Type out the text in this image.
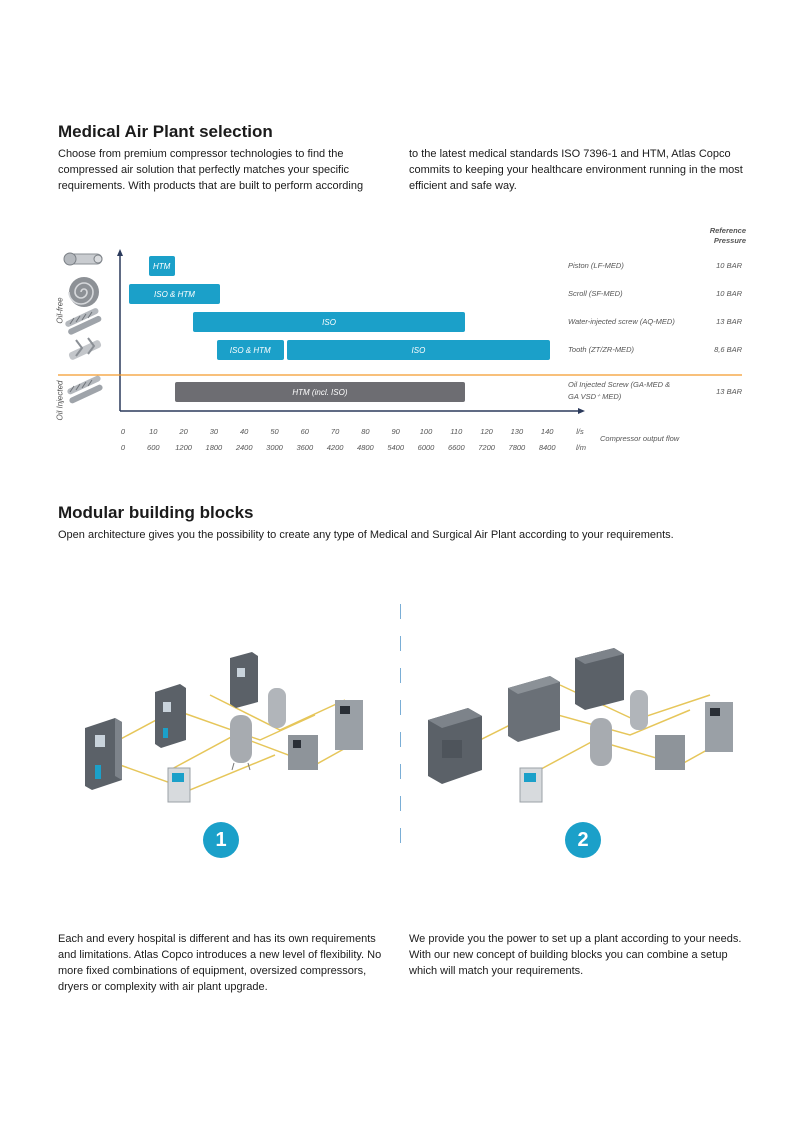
Medical Air Plant selection
Choose from premium compressor technologies to find the compressed air solution that perfectly matches your specific requirements. With products that are built to perform according
to the latest medical standards ISO 7396-1 and HTM, Atlas Copco commits to keeping your healthcare environment running in the most efficient and safe way.
Reference
Pressure
Oil-free
Oil Injected
HTM
ISO & HTM
ISO
ISO & HTM	ISO
HTM (incl. ISO)
Piston (LF-MED)	10 BAR
Scroll (SF-MED)	10 BAR
Water-injected screw (AQ-MED)	13 BAR
Tooth (ZT/ZR-MED)	8,6 BAR
Oil Injected Screw (GA-MED &
GA VSD⁺ MED)
13 BAR
0
0
10
600
20
1200
30
1800
40
2400
50
3000
60
3600
70
4200
80
4800
90
5400
100
6000
110
6600
120
7200
130
7800
140
8400
l/s
l/m
Compressor output flow
Modular building blocks
Open architecture gives you the possibility to create any type of Medical and Surgical Air Plant according to your requirements.
1	2
Each and every hospital is different and has its own requirements and limitations. Atlas Copco introduces a new level of flexibility. No more fixed combinations of equipment, oversized compressors, dryers or complexity with air plant upgrade.
We provide you the power to set up a plant according to your needs. With our new concept of building blocks you can combine a setup which will match your requirements.
